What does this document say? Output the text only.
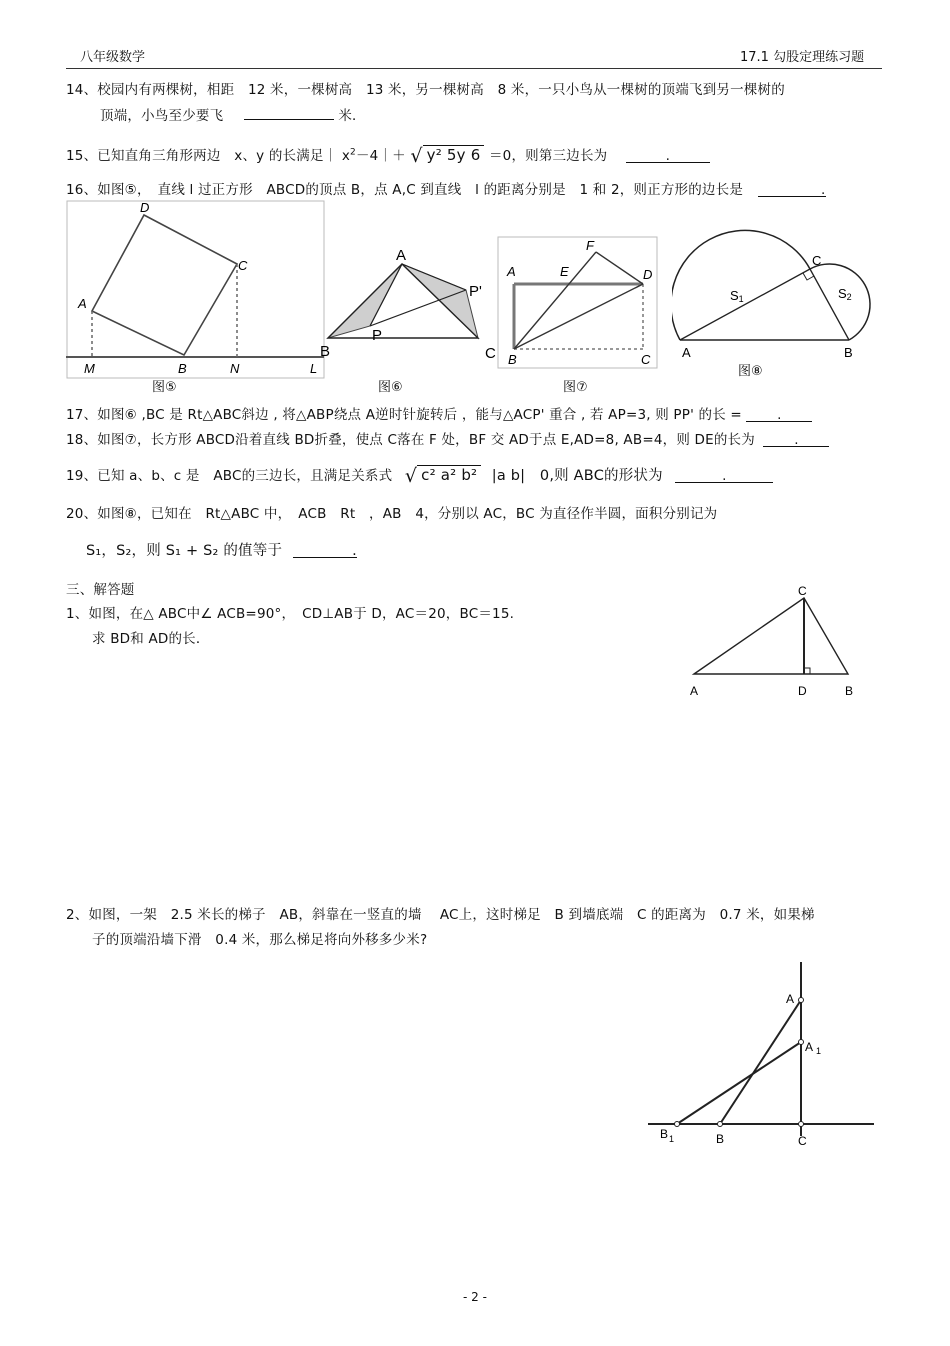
八年级数学	17.1 勾股定理练习题
14、校园内有两棵树，相距　12 米，一棵树高　13 米，另一棵树高　8 米，一只小鸟从一棵树的顶端飞到另一棵树的
顶端，小鸟至少要飞	米．
15、已知直角三角形两边　x、y 的长满足｜ $x^2-4|+$ √ y² 5y 6 ＝0，则第三边长为	.
16、如图⑤，　直线 l 过正方形　ABCD的顶点 B，点 A,C 到直线　l 的距离分别是　1 和 2，则正方形的边长是	.
D
C
A
B
M	N	L
图⑤
A
B	C
P
P'
图⑥
A	E
F
D
B	C
图⑦
C
A	B
S1	S2
图⑧
17、如图⑥ ,BC 是 Rt△ABC斜边 , 将△ABP绕点 A逆时针旋转后 ，能与△ACP' 重合 , 若 AP=3, 则 PP' 的长 =	.
18、如图⑦，长方形 ABCD沿着直线 BD折叠，使点 C落在 F 处，BF 交 AD于点 E,AD=8, AB=4，则 DE的长为	.
19、已知 a、b、c 是　ABC的三边长，且满足关系式 √ c² a² b² |a b|　0,则 ABC的形状为	.
20、如图⑧，已知在　Rt△ABC 中，　ACB　Rt　，AB　4，分别以 AC，BC 为直径作半圆，面积分别记为
S₁，S₂，则 S₁ + S₂ 的值等于	.
三、解答题
1、如图，在△ ABC中∠ ACB=90°，　CD⊥AB于 D，AC＝20，BC＝15.
求 BD和 AD的长．
C
A	D	B
2、如图，一架　2.5 米长的梯子　AB，斜靠在一竖直的墙　 AC上，这时梯足　B 到墙底端　C 的距离为　0.7 米，如果梯
子的顶端沿墙下滑　0.4 米，那么梯足将向外移多少米?
A
A $_1$
$B_1$	B	C
- 2 -
